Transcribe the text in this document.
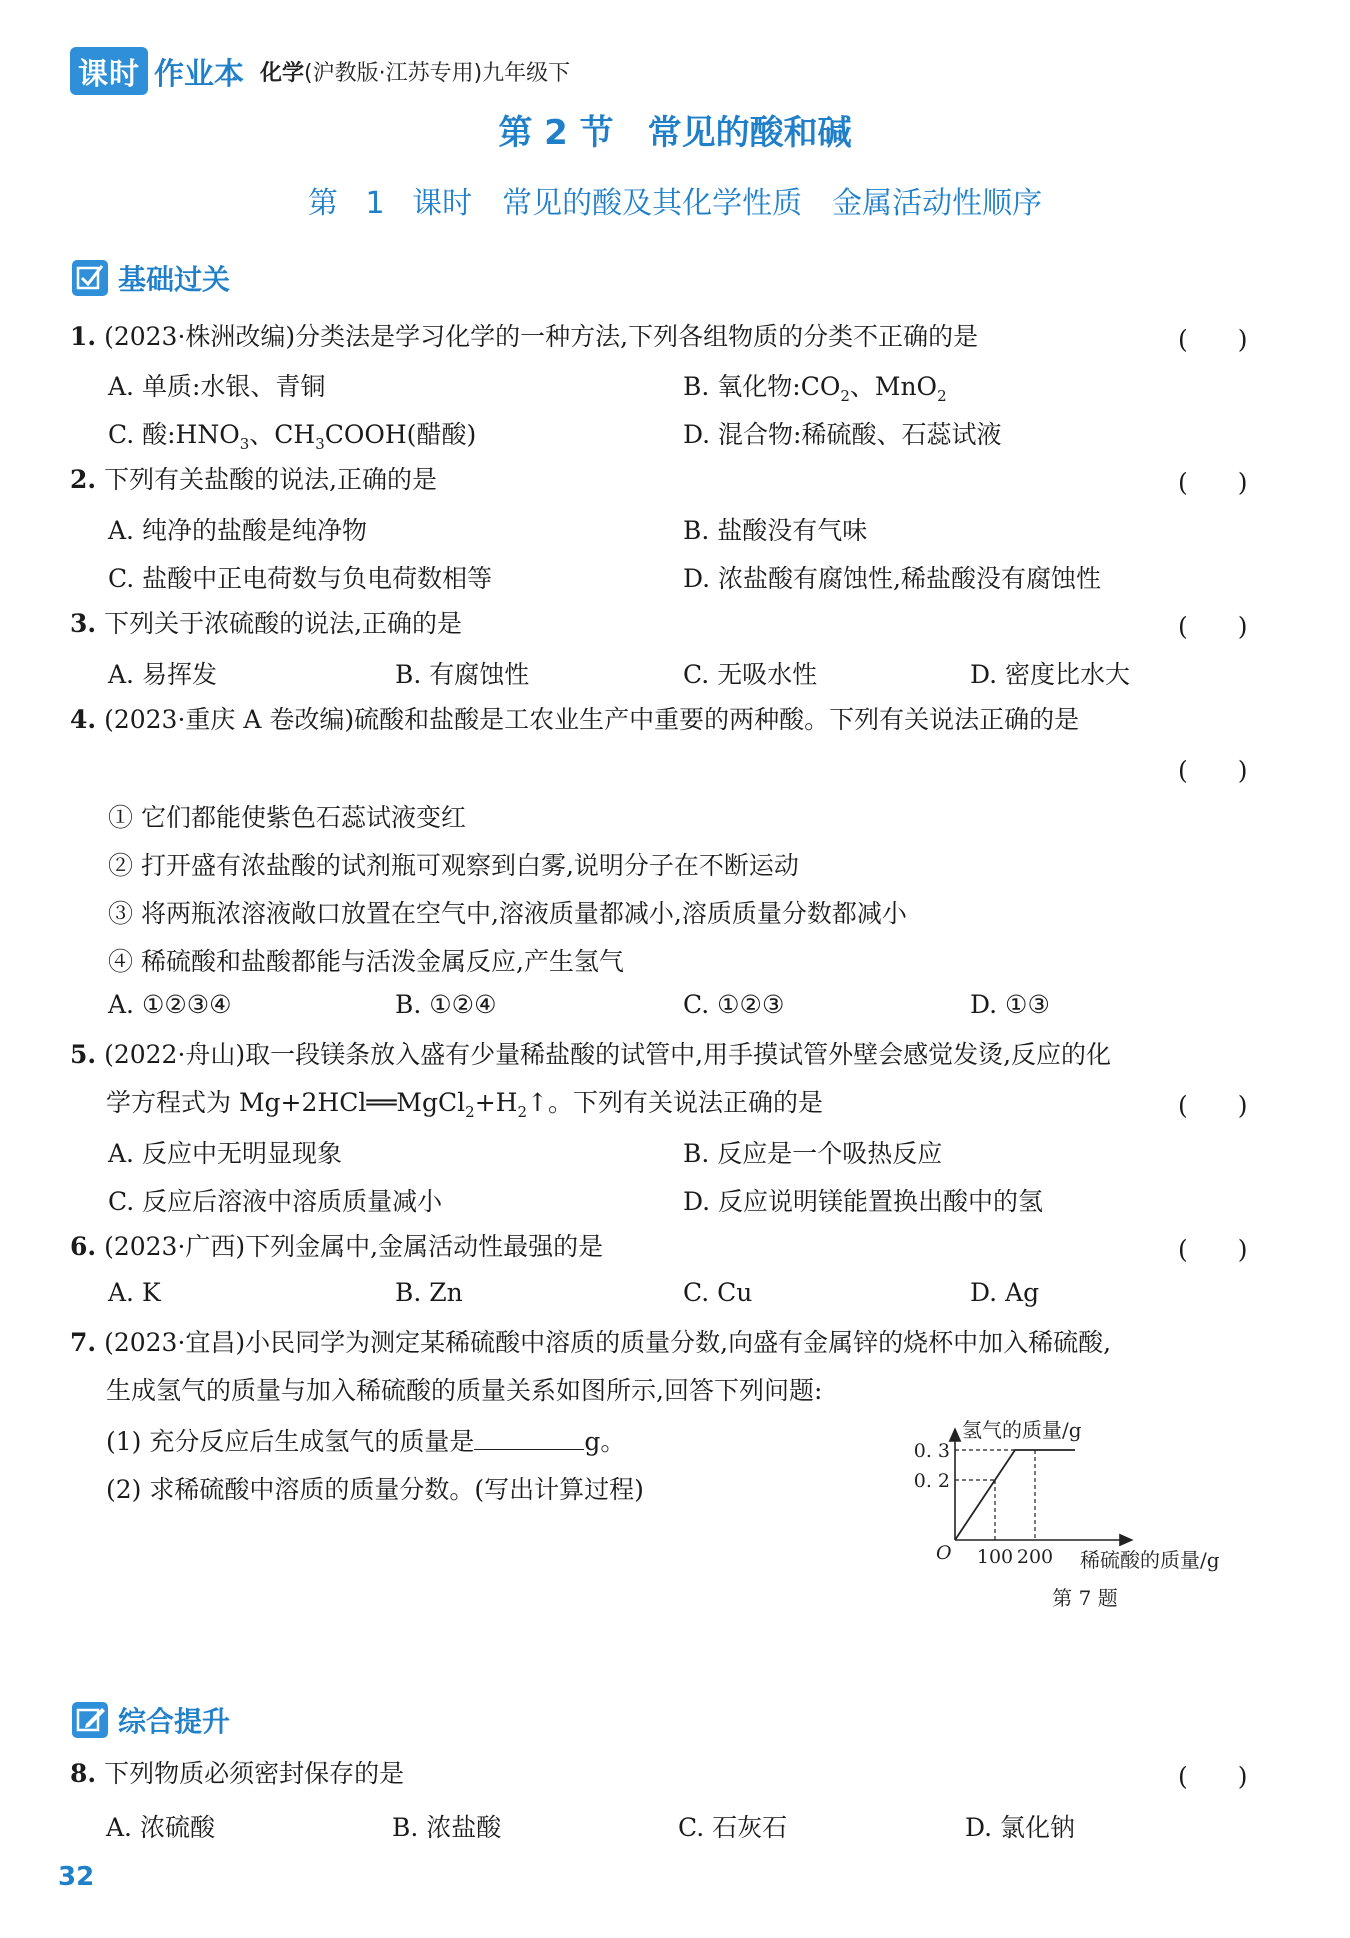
课时 作业本 化学(沪教版·江苏专用)九年级下
第 2 节　常见的酸和碱
第 1 课时　常见的酸及其化学性质　金属活动性顺序
基础过关
1. (2023·株洲改编)分类法是学习化学的一种方法,下列各组物质的分类不正确的是	(　　)
A. 单质:水银、青铜	B. 氧化物$:CO_2$、MnO$_2$
C. 酸$:HNO_3$、$CH_3COOH$(醋酸)	D. 混合物:稀硫酸、石蕊试液
2. 下列有关盐酸的说法,正确的是	(　　)
A. 纯净的盐酸是纯净物	B. 盐酸没有气味
C. 盐酸中正电荷数与负电荷数相等	D. 浓盐酸有腐蚀性,稀盐酸没有腐蚀性
3. 下列关于浓硫酸的说法,正确的是	(　　)
A. 易挥发	B. 有腐蚀性	C. 无吸水性	D. 密度比水大
4. (2023·重庆 A 卷改编)硫酸和盐酸是工农业生产中重要的两种酸。下列有关说法正确的是
(　　)
① 它们都能使紫色石蕊试液变红
② 打开盛有浓盐酸的试剂瓶可观察到白雾,说明分子在不断运动
③ 将两瓶浓溶液敞口放置在空气中,溶液质量都减小,溶质质量分数都减小
④ 稀硫酸和盐酸都能与活泼金属反应,产生氢气
A. ①②③④	B. ①②④	C. ①②③	D. ①③
5. (2022·舟山)取一段镁条放入盛有少量稀盐酸的试管中,用手摸试管外壁会感觉发烫,反应的化
学方程式为 $Mg+2HCl══MgCl_2+H_2↑$。下列有关说法正确的是	(　　)
A. 反应中无明显现象	B. 反应是一个吸热反应
C. 反应后溶液中溶质质量减小	D. 反应说明镁能置换出酸中的氢
6. (2023·广西)下列金属中,金属活动性最强的是	(　　)
A. K	B. Zn	C. Cu	D. Ag
7. (2023·宜昌)小民同学为测定某稀硫酸中溶质的质量分数,向盛有金属锌的烧杯中加入稀硫酸,
生成氢气的质量与加入稀硫酸的质量关系如图所示,回答下列问题:
(1) 充分反应后生成氢气的质量是	g。
(2) 求稀硫酸中溶质的质量分数。(写出计算过程)
氢气的质量/g
0. 2
0. 3
O 100 200 稀硫酸的质量/g
第 7 题
综合提升
8. 下列物质必须密封保存的是	(　　)
A. 浓硫酸	B. 浓盐酸	C. 石灰石	D. 氯化钠
32
